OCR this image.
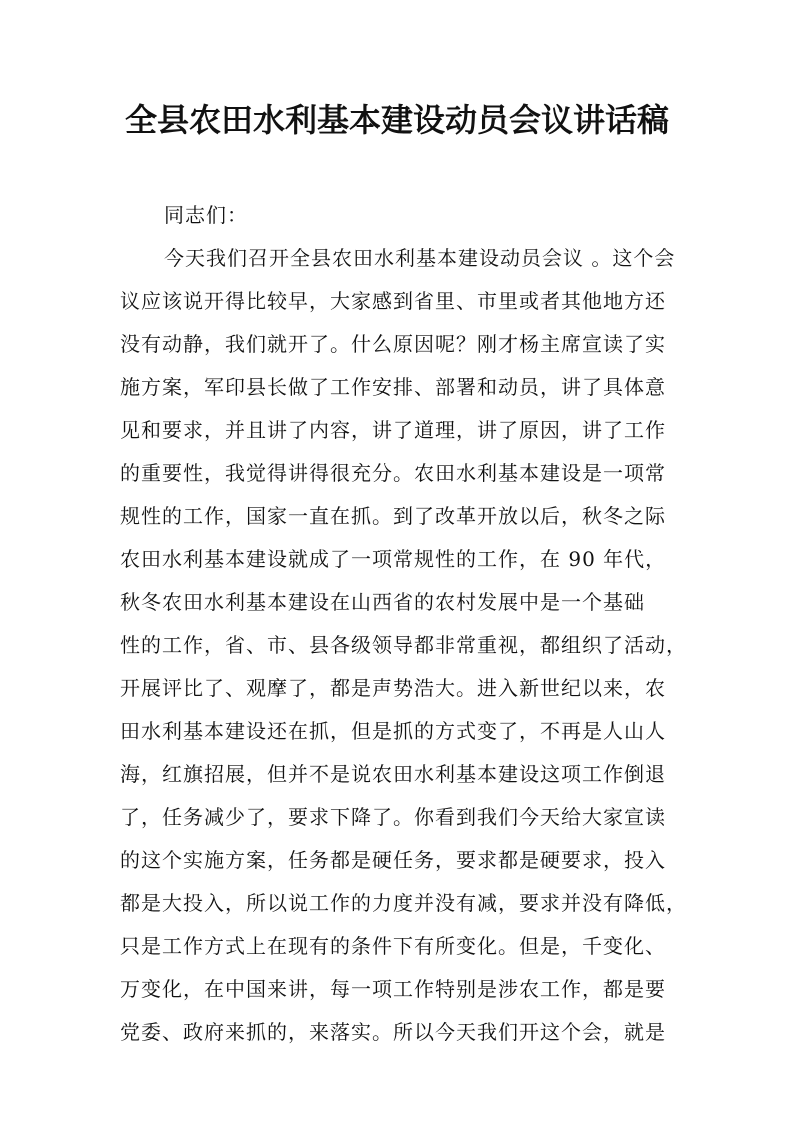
全县农田水利基本建设动员会议讲话稿
同志们：
今天我们召开全县农田水利基本建设动员会议 。这个会
议应该说开得比较早，大家感到省里、市里或者其他地方还
没有动静，我们就开了。什么原因呢？刚才杨主席宣读了实
施方案，军印县长做了工作安排、部署和动员，讲了具体意
见和要求，并且讲了内容，讲了道理，讲了原因，讲了工作
的重要性，我觉得讲得很充分。农田水利基本建设是一项常
规性的工作，国家一直在抓。到了改革开放以后，秋冬之际
农田水利基本建设就成了一项常规性的工作，在 90 年代，
秋冬农田水利基本建设在山西省的农村发展中是一个基础
性的工作，省、市、县各级领导都非常重视，都组织了活动，
开展评比了、观摩了，都是声势浩大。进入新世纪以来，农
田水利基本建设还在抓，但是抓的方式变了，不再是人山人
海，红旗招展，但并不是说农田水利基本建设这项工作倒退
了，任务减少了，要求下降了。你看到我们今天给大家宣读
的这个实施方案，任务都是硬任务，要求都是硬要求，投入
都是大投入，所以说工作的力度并没有减，要求并没有降低，
只是工作方式上在现有的条件下有所变化。但是，千变化、
万变化，在中国来讲，每一项工作特别是涉农工作，都是要
党委、政府来抓的，来落实。所以今天我们开这个会，就是
